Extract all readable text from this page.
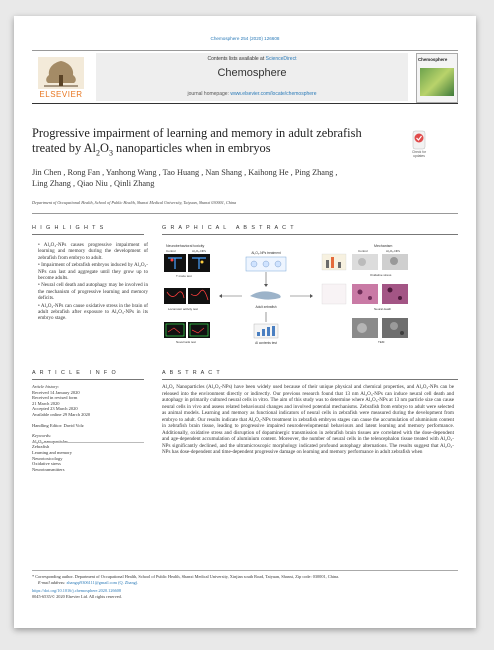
Chemosphere 254 (2020) 126608
ELSEVIER
Contents lists available at ScienceDirect
Chemosphere
journal homepage: www.elsevier.com/locate/chemosphere
Chemosphere
Progressive impairment of learning and memory in adult zebrafish
treated by $Al_2O_3$ nanoparticles when in embryos	Check for updates
Jin Chen , Rong Fan , Yanhong Wang , Tao Huang , Nan Shang , Kaihong He , Ping Zhang ,
Ling Zhang , Qiao Niu , Qinli Zhang
Department of Occupational Health, School of Public Health, Shanxi Medical University, Taiyuan, Shanxi 030001, China
H I G H L I G H T S
• Al₂O₃-NPs causes progressive impairment of learning and memory during the development of zebrafish from embryo to adult.
• Impairment of zebrafish embryos induced by Al₂O₃-NPs can last and aggregate until they grow up to become adults.
• Neural cell death and autophagy may be involved in the mechanism of progressive learning and memory deficits.
• Al₂O₃-NPs can cause oxidative stress in the brain of adult zebrafish after exposure to Al₂O₃-NPs in its embryo stage.
G R A P H I C A L   A B S T R A C T
Neurobehavioral toxicity
Control	Al₂O₃-NPs
T maze test
Locomotor activity test
Novel tank test
Al₂O₃-NPs treatment
Adult zebrafish
Al contents test
Mechanism
Control	Al₂O₃-NPs
Oxidative stress
Neural death
TEM
A R T I C L E   I N F O
Article history:
Received 14 January 2020
Received in revised form
21 March 2020
Accepted 23 March 2020
Available online 29 March 2020
Handling Editor: David Volz
Keywords:
Al₂O₃ nanoparticles
Zebrafish
Learning and memory
Neurotoxicology
Oxidative stress
Neurotransmitters
A B S T R A C T
Al₂O₃ Nanoparticles (Al₂O₃-NPs) have been widely used because of their unique physical and chemical properties, and Al₂O₃-NPs can be released into the environment directly or indirectly. Our previous research found that 13 nm Al₂O₃-NPs can induce neural cell death and autophagy in primarily cultured neural cells in vitro. The aim of this study was to determine where Al₂O₃-NPs at 13 nm particle size can cause neural cells in vivo and assess related behavioural changes and involved potential mechanisms. Zebrafish from embryo to adult were selected as animal models. Learning and memory as functional indicators of neural cells in zebrafish were measured during the development from embryo to adult. Our results indicate that Al₂O₃-NPs treatment in zebrafish embryos stages can cause the accumulation of aluminium content in zebrafish brain tissue, leading to progressive impaired neurodevelopmental behaviours and latent learning and memory performance. Additionally, oxidative stress and disruption of dopaminergic transmission in zebrafish brain tissues are correlated with the dose-dependent and age-dependent accumulation of aluminium content. Moreover, the number of neural cells in the telencephalon tissue treated with Al₂O₃-NPs significantly declined, and the ultramicroscopic morphology indicated profound autophagy alternations. The results suggest that Al₂O₃-NPs has dose-dependent and time-dependent progressive damage on learning and memory performance in adult zebrafish when
* Corresponding author. Department of Occupational Health, School of Public Health, Shanxi Medical University, Xinjian south Road, Taiyuan, Shanxi, Zip code: 030001, China.
E-mail address: zhangqi9306111@gmail.com (Q. Zhang).
https://doi.org/10.1016/j.chemosphere.2020.126608
0045-6535/© 2020 Elsevier Ltd. All rights reserved.
